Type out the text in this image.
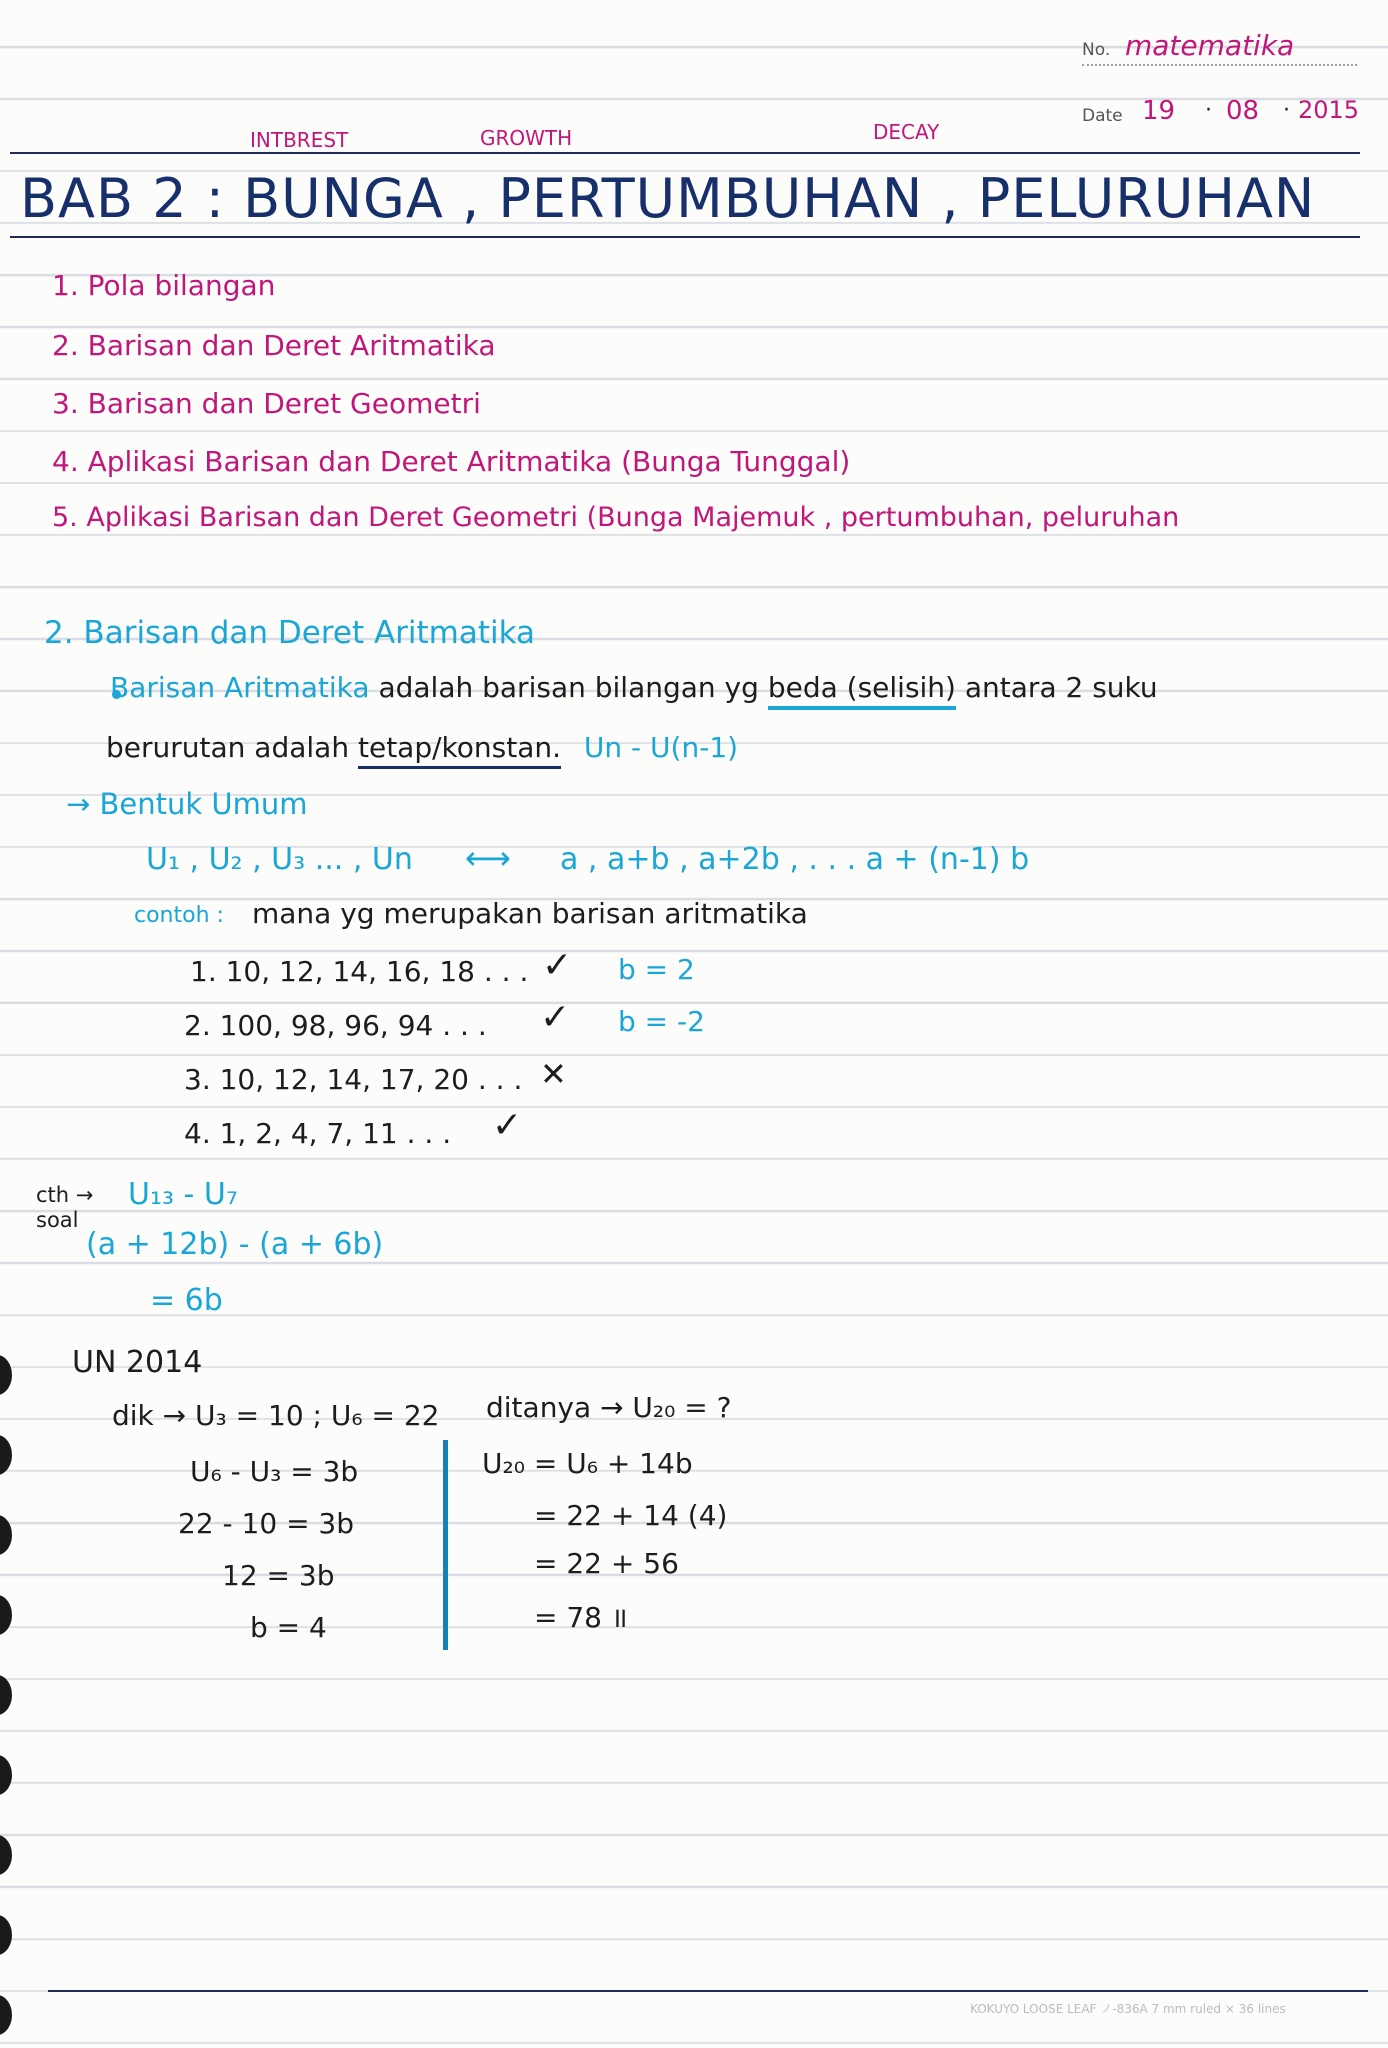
No. matematika
Date 19 · 08 · 2015
INTBREST	GROWTH	DECAY
BAB 2 : BUNGA , PERTUMBUHAN , PELURUHAN
1. Pola bilangan
2. Barisan dan Deret Aritmatika
3. Barisan dan Deret Geometri
4. Aplikasi Barisan dan Deret Aritmatika (Bunga Tunggal)
5. Aplikasi Barisan dan Deret Geometri (Bunga Majemuk , pertumbuhan, peluruhan
2. Barisan dan Deret Aritmatika
Barisan Aritmatika adalah barisan bilangan yg beda (selisih) antara 2 suku
berurutan adalah tetap/konstan. Un - U(n-1)
→ Bentuk Umum
U₁ , U₂ , U₃ ... , Un ⟷ a , a+b , a+2b , . . . a + (n-1) b
contoh : mana yg merupakan barisan aritmatika
1. 10, 12, 14, 16, 18 . . . ✓ b = 2
2. 100, 98, 96, 94 . . . ✓ b = -2
3. 10, 12, 14, 17, 20 . . . ✕
4. 1, 2, 4, 7, 11 . . . ✓
cth →
soal
U₁₃ - U₇
(a + 12b) - (a + 6b)
= 6b
UN 2014
dik → U₃ = 10 ; U₆ = 22 ditanya → U₂₀ = ?
U₆ - U₃ = 3b
22 - 10 = 3b
12 = 3b
b = 4
U₂₀ = U₆ + 14b
= 22 + 14 (4)
= 22 + 56
= 78 ॥
KOKUYO LOOSE LEAF ノ-836A 7 mm ruled × 36 lines
